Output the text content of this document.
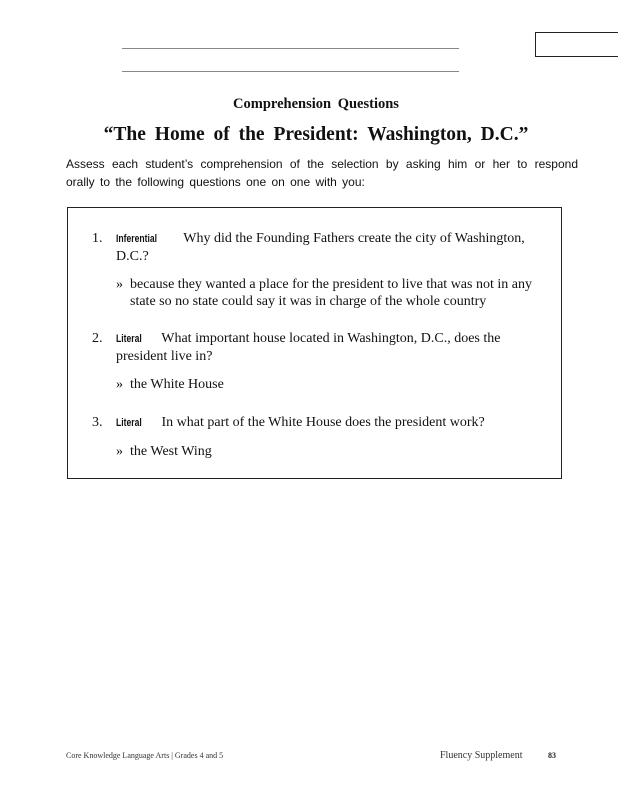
Comprehension Questions
“The Home of the President: Washington, D.C.”
Assess each student’s comprehension of the selection by asking him or her to respond orally to the following questions one on one with you:
1.	Inferential Why did the Founding Fathers create the city of Washington, D.C.?
» because they wanted a place for the president to live that was not in any state so no state could say it was in charge of the whole country
2.	Literal What important house located in Washington, D.C., does the president live in?
» the White House
3.	Literal In what part of the White House does the president work?
» the West Wing
Core Knowledge Language Arts | Grades 4 and 5	Fluency Supplement	83
